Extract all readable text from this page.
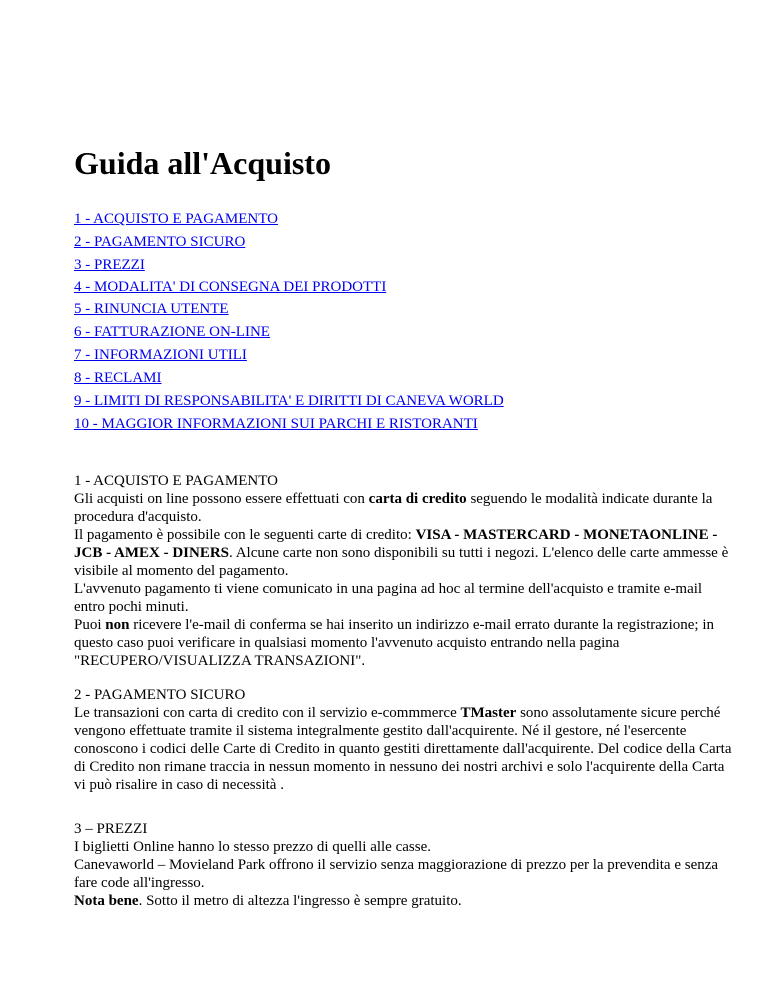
Guida all'Acquisto
1 - ACQUISTO E PAGAMENTO
2 - PAGAMENTO SICURO
3 - PREZZI
4 - MODALITA' DI CONSEGNA DEI PRODOTTI
5 - RINUNCIA UTENTE
6 - FATTURAZIONE ON-LINE
7 - INFORMAZIONI UTILI
8 - RECLAMI
9 - LIMITI DI RESPONSABILITA' E DIRITTI DI CANEVA WORLD
10 - MAGGIOR INFORMAZIONI SUI PARCHI E RISTORANTI

1 - ACQUISTO E PAGAMENTO

Gli acquisti on line possono essere effettuati con carta di credito seguendo le modalità indicate durante la procedura d'acquisto.

Il pagamento è possibile con le seguenti carte di credito: VISA - MASTERCARD - MONETAONLINE - JCB - AMEX - DINERS. Alcune carte non sono disponibili su tutti i negozi. L'elenco delle carte ammesse è visibile al momento del pagamento.

L'avvenuto pagamento ti viene comunicato in una pagina ad hoc al termine dell'acquisto e tramite e-mail entro pochi minuti.

Puoi non ricevere l'e-mail di conferma se hai inserito un indirizzo e-mail errato durante la registrazione; in questo caso puoi verificare in qualsiasi momento l'avvenuto acquisto entrando nella pagina "RECUPERO/VISUALIZZA TRANSAZIONI".

2 - PAGAMENTO SICURO

Le transazioni con carta di credito con il servizio e-commmerce TMaster sono assolutamente sicure perché vengono effettuate tramite il sistema integralmente gestito dall'acquirente. Né il gestore, né l'esercente conoscono i codici delle Carte di Credito in quanto gestiti direttamente dall'acquirente. Del codice della Carta di Credito non rimane traccia in nessun momento in nessuno dei nostri archivi e solo l'acquirente della Carta vi può risalire in caso di necessità .

3 – PREZZI

I biglietti Online hanno lo stesso prezzo di quelli alle casse.

Canevaworld – Movieland Park offrono il servizio senza maggiorazione di prezzo per la prevendita e senza fare code all'ingresso.

Nota bene. Sotto il metro di altezza l'ingresso è sempre gratuito.
